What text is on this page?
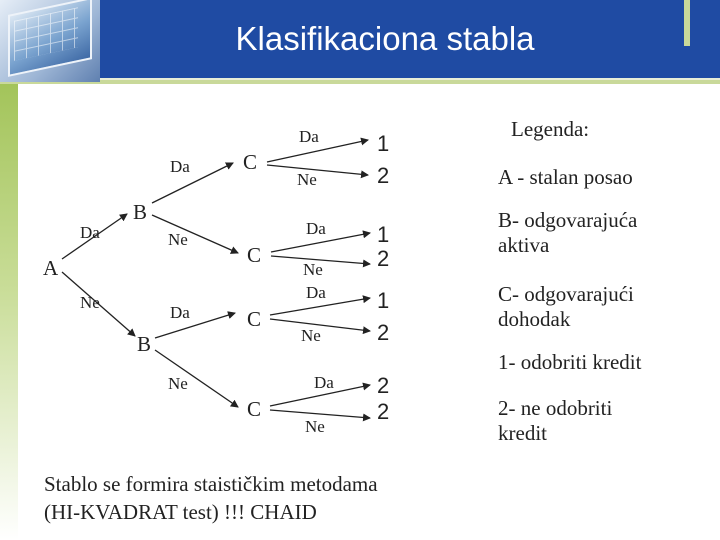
Klasifikaciona stabla
A
Da
Ne
B
B
Da
Ne
Da
Ne
C
C
C
C
Da
Ne
Da
Ne
Da
Ne
Da
Ne
1
2
1
2
1
2
2
2
Legenda:
A - stalan posao
B- odgovarajuća
aktiva
C- odgovarajući
dohodak
1- odobriti kredit
2- ne odobriti
kredit
Stablo se formira staističkim metodama
(HI-KVADRAT test) !!! CHAID
